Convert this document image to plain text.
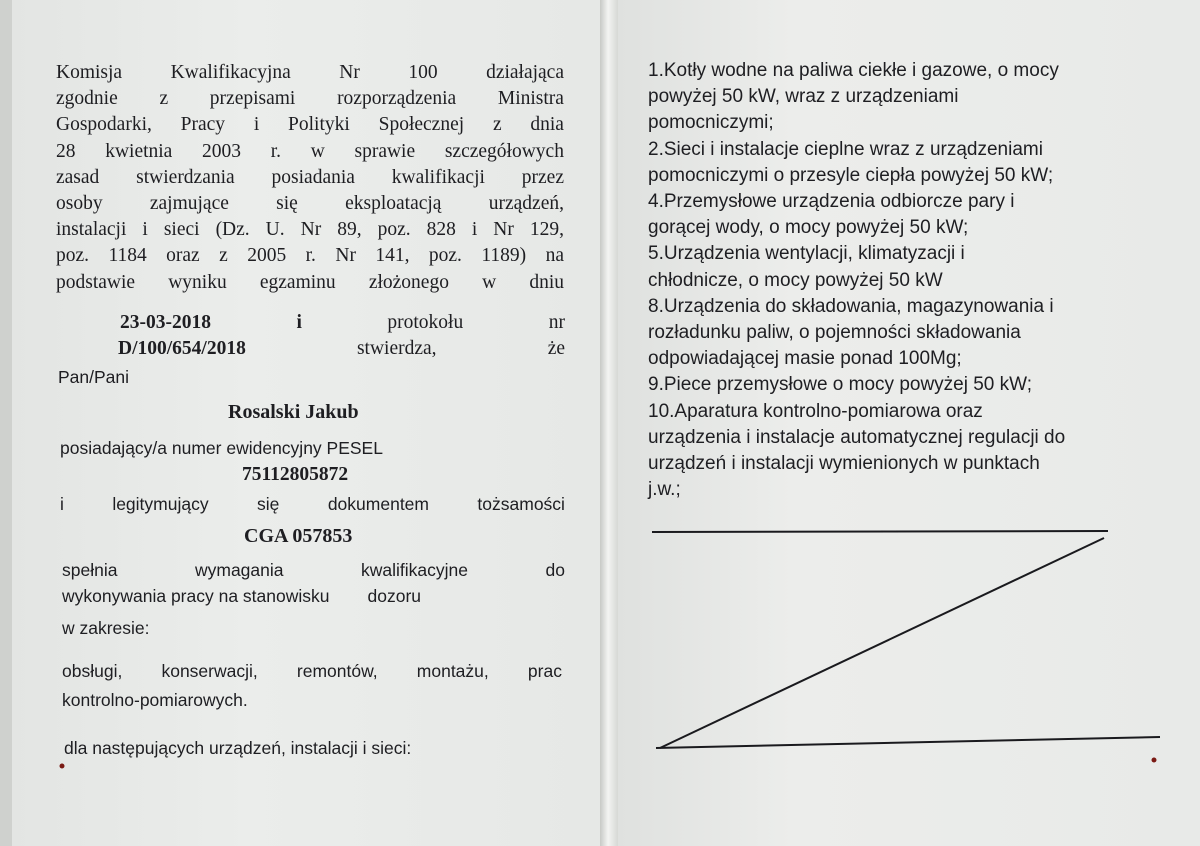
Komisja Kwalifikacyjna Nr 100 działająca
zgodnie z przepisami rozporządzenia Ministra
Gospodarki, Pracy i Polityki Społecznej z dnia
28 kwietnia 2003 r. w sprawie szczegółowych
zasad stwierdzania posiadania kwalifikacji przez
osoby zajmujące się eksploatacją urządzeń,
instalacji i sieci (Dz. U. Nr 89, poz. 828 i Nr 129,
poz. 1184 oraz z 2005 r. Nr 141, poz. 1189) na
podstawie wyniku egzaminu złożonego w dniu
23-03-2018	i	protokołu	nr
D/100/654/2018	stwierdza,	że
Pan/Pani
Rosalski Jakub
posiadający/a numer ewidencyjny PESEL
75112805872
i	legitymujący	się	dokumentem	tożsamości
CGA 057853
spełnia	wymagania	kwalifikacyjne	do
wykonywania pracy na stanowisku dozoru
w zakresie:
obsługi, konserwacji, remontów, montażu, prac
kontrolno-pomiarowych.
dla następujących urządzeń, instalacji i sieci:
1.Kotły wodne na paliwa ciekłe i gazowe, o mocy
powyżej 50 kW, wraz z urządzeniami
pomocniczymi;
2.Sieci i instalacje cieplne wraz z urządzeniami
pomocniczymi o przesyle ciepła powyżej 50 kW;
4.Przemysłowe urządzenia odbiorcze pary i
gorącej wody, o mocy powyżej 50 kW;
5.Urządzenia wentylacji, klimatyzacji i
chłodnicze, o mocy powyżej 50 kW
8.Urządzenia do składowania, magazynowania i
rozładunku paliw, o pojemności składowania
odpowiadającej masie ponad 100Mg;
9.Piece przemysłowe o mocy powyżej 50 kW;
10.Aparatura kontrolno-pomiarowa oraz
urządzenia i instalacje automatycznej regulacji do
urządzeń i instalacji wymienionych w punktach
j.w.;
